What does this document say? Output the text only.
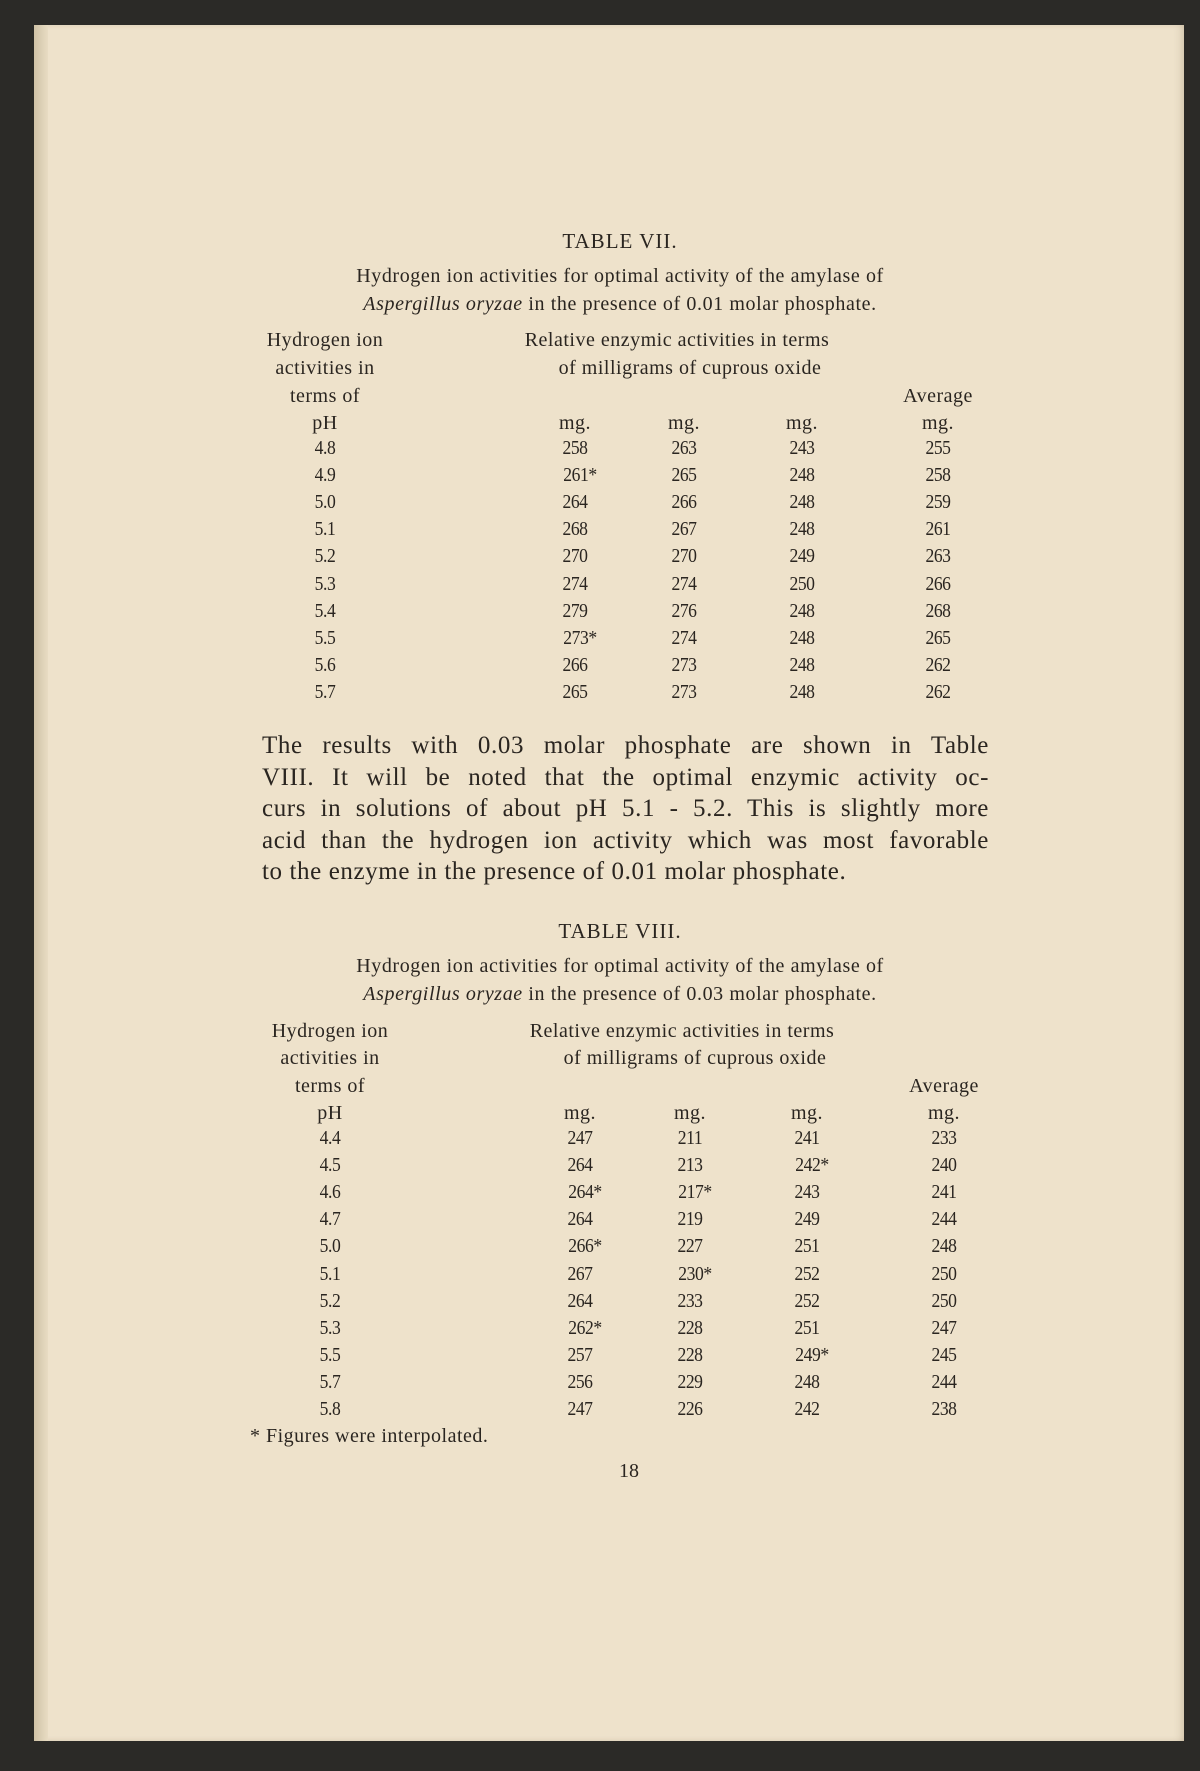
TABLE VII.
Hydrogen ion activities for optimal activity of the amylase of
Aspergillus oryzae in the presence of 0.01 molar phosphate.
Hydrogen ion
activities in
terms of
pH
Relative enzymic activities in terms
of milligrams of cuprous oxide
Average
mg.	mg.	mg.	mg.
4.8	258	263	243	255
4.9	261*	265	248	258
5.0	264	266	248	259
5.1	268	267	248	261
5.2	270	270	249	263
5.3	274	274	250	266
5.4	279	276	248	268
5.5	273*	274	248	265
5.6	266	273	248	262
5.7	265	273	248	262
TABLE VIII.
Hydrogen ion activities for optimal activity of the amylase of
Aspergillus oryzae in the presence of 0.03 molar phosphate.
Hydrogen ion
activities in
terms of
pH
Relative enzymic activities in terms
of milligrams of cuprous oxide
Average
mg.	mg.	mg.	mg.
4.4	247	211	241	233
4.5	264	213	242*	240
4.6	264*	217*	243	241
4.7	264	219	249	244
5.0	266*	227	251	248
5.1	267	230*	252	250
5.2	264	233	252	250
5.3	262*	228	251	247
5.5	257	228	249*	245
5.7	256	229	248	244
5.8	247	226	242	238
The results with 0.03 molar phosphate are shown in Table
VIII. It will be noted that the optimal enzymic activity oc-
curs in solutions of about pH 5.1 - 5.2. This is slightly more
acid than the hydrogen ion activity which was most favorable
to the enzyme in the presence of 0.01 molar phosphate.
* Figures were interpolated.
18
